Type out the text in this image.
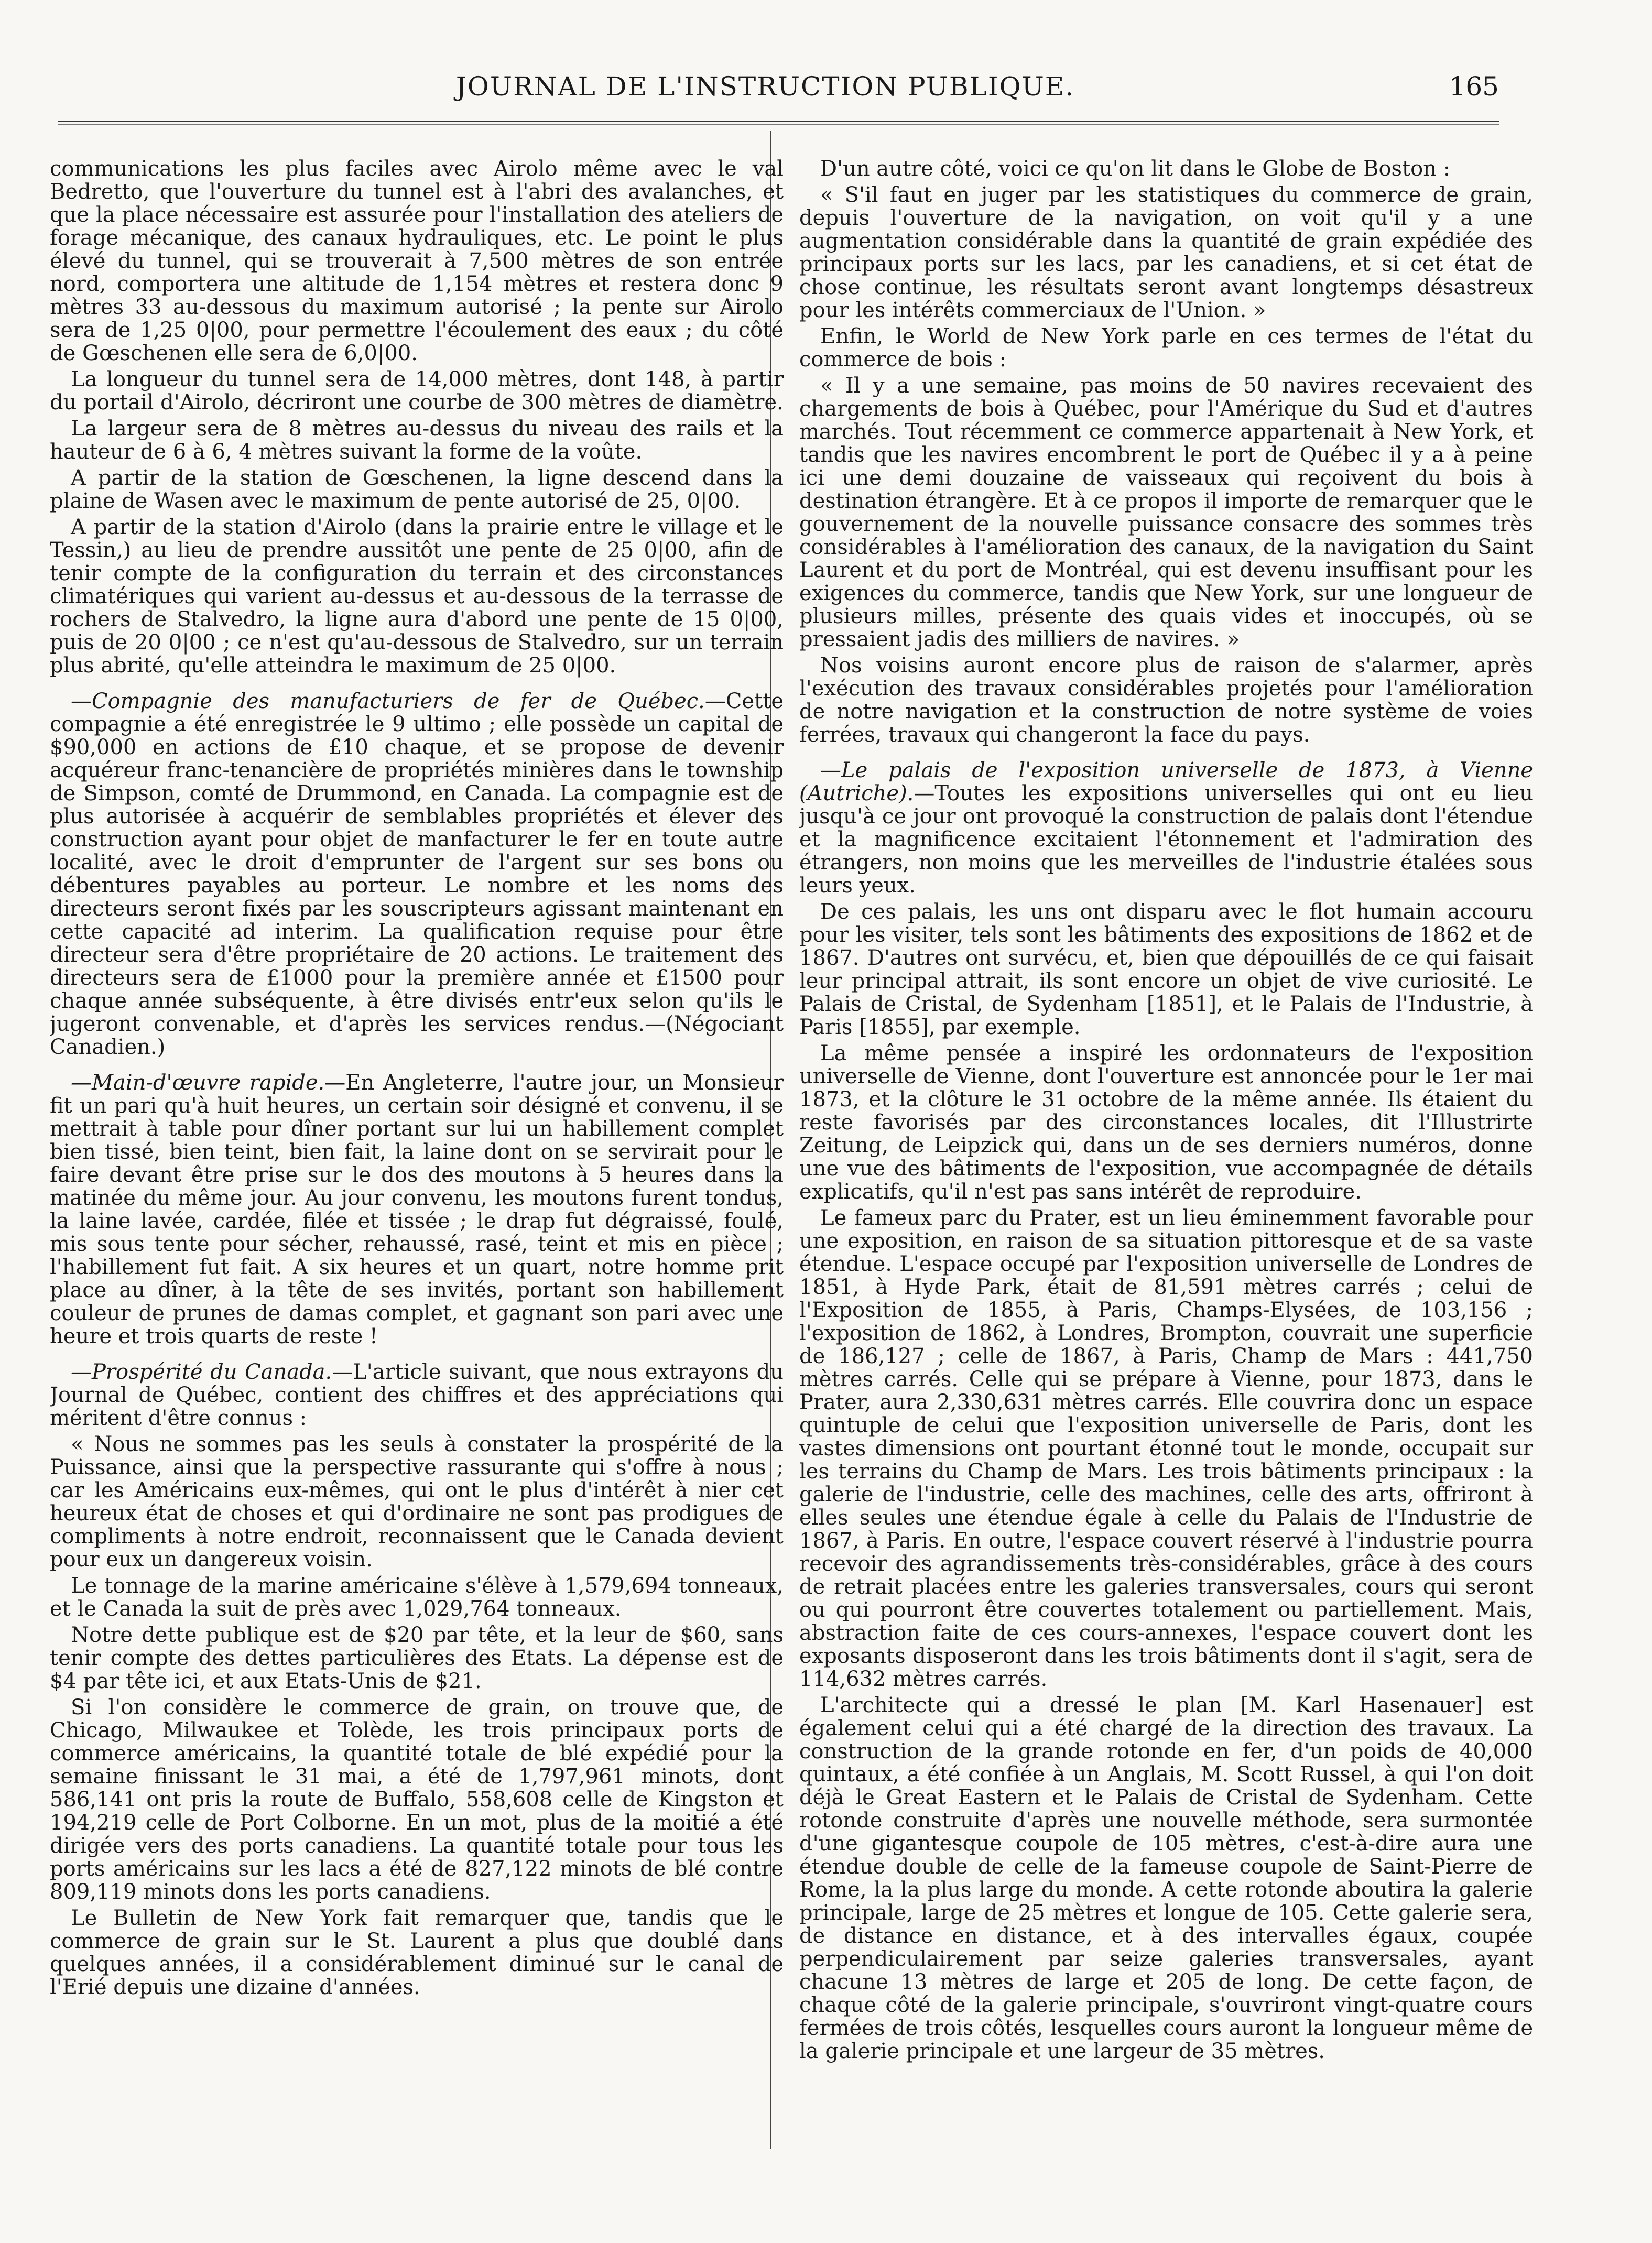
JOURNAL DE L'INSTRUCTION PUBLIQUE.	165

communications les plus faciles avec Airolo même avec le val Bedretto, que l'ouverture du tunnel est à l'abri des avalanches, et que la place nécessaire est assurée pour l'installation des ateliers de forage mécanique, des canaux hydrauliques, etc. Le point le plus élevé du tunnel, qui se trouverait à 7,500 mètres de son entrée nord, comportera une altitude de 1,154 mètres et restera donc 9 mètres 33 au-dessous du maximum autorisé ; la pente sur Airolo sera de 1,25 0|00, pour permettre l'écoulement des eaux ; du côté de Gœschenen elle sera de 6,0|00.

La longueur du tunnel sera de 14,000 mètres, dont 148, à partir du portail d'Airolo, décriront une courbe de 300 mètres de diamètre.

La largeur sera de 8 mètres au-dessus du niveau des rails et la hauteur de 6 à 6, 4 mètres suivant la forme de la voûte.

A partir de la station de Gœschenen, la ligne descend dans la plaine de Wasen avec le maximum de pente autorisé de 25, 0|00.

A partir de la station d'Airolo (dans la prairie entre le village et le Tessin,) au lieu de prendre aussitôt une pente de 25 0|00, afin de tenir compte de la configuration du terrain et des circonstances climatériques qui varient au-dessus et au-dessous de la terrasse de rochers de Stalvedro, la ligne aura d'abord une pente de 15 0|00, puis de 20 0|00 ; ce n'est qu'au-dessous de Stalvedro, sur un terrain plus abrité, qu'elle atteindra le maximum de 25 0|00.

—Compagnie des manufacturiers de fer de Québec.—Cette compagnie a été enregistrée le 9 ultimo ; elle possède un capital de $90,000 en actions de £10 chaque, et se propose de devenir acquéreur franc-tenancière de propriétés minières dans le township de Simpson, comté de Drummond, en Canada. La compagnie est de plus autorisée à acquérir de semblables propriétés et élever des construction ayant pour objet de manfacturer le fer en toute autre localité, avec le droit d'emprunter de l'argent sur ses bons ou débentures payables au porteur. Le nombre et les noms des directeurs seront fixés par les souscripteurs agissant maintenant en cette capacité ad interim. La qualification requise pour être directeur sera d'être propriétaire de 20 actions. Le traitement des directeurs sera de £1000 pour la première année et £1500 pour chaque année subséquente, à être divisés entr'eux selon qu'ils le jugeront convenable, et d'après les services rendus.—(Négociant Canadien.)

—Main-d'œuvre rapide.—En Angleterre, l'autre jour, un Monsieur fit un pari qu'à huit heures, un certain soir désigné et convenu, il se mettrait à table pour dîner portant sur lui un habillement complet bien tissé, bien teint, bien fait, la laine dont on se servirait pour le faire devant être prise sur le dos des moutons à 5 heures dans la matinée du même jour. Au jour convenu, les moutons furent tondus, la laine lavée, cardée, filée et tissée ; le drap fut dégraissé, foulé, mis sous tente pour sécher, rehaussé, rasé, teint et mis en pièce ; l'habillement fut fait. A six heures et un quart, notre homme prit place au dîner, à la tête de ses invités, portant son habillement couleur de prunes de damas complet, et gagnant son pari avec une heure et trois quarts de reste !

—Prospérité du Canada.—L'article suivant, que nous extrayons du Journal de Québec, contient des chiffres et des appréciations qui méritent d'être connus :

« Nous ne sommes pas les seuls à constater la prospérité de la Puissance, ainsi que la perspective rassurante qui s'offre à nous ; car les Américains eux-mêmes, qui ont le plus d'intérêt à nier cet heureux état de choses et qui d'ordinaire ne sont pas prodigues de compliments à notre endroit, reconnaissent que le Canada devient pour eux un dangereux voisin.

Le tonnage de la marine américaine s'élève à 1,579,694 tonneaux, et le Canada la suit de près avec 1,029,764 tonneaux.

Notre dette publique est de $20 par tête, et la leur de $60, sans tenir compte des dettes particulières des Etats. La dépense est de $4 par tête ici, et aux Etats-Unis de $21.

Si l'on considère le commerce de grain, on trouve que, de Chicago, Milwaukee et Tolède, les trois principaux ports de commerce américains, la quantité totale de blé expédié pour la semaine finissant le 31 mai, a été de 1,797,961 minots, dont 586,141 ont pris la route de Buffalo, 558,608 celle de Kingston et 194,219 celle de Port Colborne. En un mot, plus de la moitié a été dirigée vers des ports canadiens. La quantité totale pour tous les ports américains sur les lacs a été de 827,122 minots de blé contre 809,119 minots dons les ports canadiens.

Le Bulletin de New York fait remarquer que, tandis que le commerce de grain sur le St. Laurent a plus que doublé dans quelques années, il a considérablement diminué sur le canal de l'Erié depuis une dizaine d'années.

D'un autre côté, voici ce qu'on lit dans le Globe de Boston :

« S'il faut en juger par les statistiques du commerce de grain, depuis l'ouverture de la navigation, on voit qu'il y a une augmentation considérable dans la quantité de grain expédiée des principaux ports sur les lacs, par les canadiens, et si cet état de chose continue, les résultats seront avant longtemps désastreux pour les intérêts commerciaux de l'Union. »

Enfin, le World de New York parle en ces termes de l'état du commerce de bois :

« Il y a une semaine, pas moins de 50 navires recevaient des chargements de bois à Québec, pour l'Amérique du Sud et d'autres marchés. Tout récemment ce commerce appartenait à New York, et tandis que les navires encombrent le port de Québec il y a à peine ici une demi douzaine de vaisseaux qui reçoivent du bois à destination étrangère. Et à ce propos il importe de remarquer que le gouvernement de la nouvelle puissance consacre des sommes très considérables à l'amélioration des canaux, de la navigation du Saint Laurent et du port de Montréal, qui est devenu insuffisant pour les exigences du commerce, tandis que New York, sur une longueur de plusieurs milles, présente des quais vides et inoccupés, où se pressaient jadis des milliers de navires. »

Nos voisins auront encore plus de raison de s'alarmer, après l'exécution des travaux considérables projetés pour l'amélioration de notre navigation et la construction de notre système de voies ferrées, travaux qui changeront la face du pays.

—Le palais de l'exposition universelle de 1873, à Vienne (Autriche).—Toutes les expositions universelles qui ont eu lieu jusqu'à ce jour ont provoqué la construction de palais dont l'étendue et la magnificence excitaient l'étonnement et l'admiration des étrangers, non moins que les merveilles de l'industrie étalées sous leurs yeux.

De ces palais, les uns ont disparu avec le flot humain accouru pour les visiter, tels sont les bâtiments des expositions de 1862 et de 1867. D'autres ont survécu, et, bien que dépouillés de ce qui faisait leur principal attrait, ils sont encore un objet de vive curiosité. Le Palais de Cristal, de Sydenham [1851], et le Palais de l'Industrie, à Paris [1855], par exemple.

La même pensée a inspiré les ordonnateurs de l'exposition universelle de Vienne, dont l'ouverture est annoncée pour le 1er mai 1873, et la clôture le 31 octobre de la même année. Ils étaient du reste favorisés par des circonstances locales, dit l'Illustrirte Zeitung, de Leipzick qui, dans un de ses derniers numéros, donne une vue des bâtiments de l'exposition, vue accompagnée de détails explicatifs, qu'il n'est pas sans intérêt de reproduire.

Le fameux parc du Prater, est un lieu éminemment favorable pour une exposition, en raison de sa situation pittoresque et de sa vaste étendue. L'espace occupé par l'exposition universelle de Londres de 1851, à Hyde Park, était de 81,591 mètres carrés ; celui de l'Exposition de 1855, à Paris, Champs-Elysées, de 103,156 ; l'exposition de 1862, à Londres, Brompton, couvrait une superficie de 186,127 ; celle de 1867, à Paris, Champ de Mars : 441,750 mètres carrés. Celle qui se prépare à Vienne, pour 1873, dans le Prater, aura 2,330,631 mètres carrés. Elle couvrira donc un espace quintuple de celui que l'exposition universelle de Paris, dont les vastes dimensions ont pourtant étonné tout le monde, occupait sur les terrains du Champ de Mars. Les trois bâtiments principaux : la galerie de l'industrie, celle des machines, celle des arts, offriront à elles seules une étendue égale à celle du Palais de l'Industrie de 1867, à Paris. En outre, l'espace couvert réservé à l'industrie pourra recevoir des agrandissements très-considérables, grâce à des cours de retrait placées entre les galeries transversales, cours qui seront ou qui pourront être couvertes totalement ou partiellement. Mais, abstraction faite de ces cours-annexes, l'espace couvert dont les exposants disposeront dans les trois bâtiments dont il s'agit, sera de 114,632 mètres carrés.

L'architecte qui a dressé le plan [M. Karl Hasenauer] est également celui qui a été chargé de la direction des travaux. La construction de la grande rotonde en fer, d'un poids de 40,000 quintaux, a été confiée à un Anglais, M. Scott Russel, à qui l'on doit déjà le Great Eastern et le Palais de Cristal de Sydenham. Cette rotonde construite d'après une nouvelle méthode, sera surmontée d'une gigantesque coupole de 105 mètres, c'est-à-dire aura une étendue double de celle de la fameuse coupole de Saint-Pierre de Rome, la la plus large du monde. A cette rotonde aboutira la galerie principale, large de 25 mètres et longue de 105. Cette galerie sera, de distance en distance, et à des intervalles égaux, coupée perpendiculairement par seize galeries transversales, ayant chacune 13 mètres de large et 205 de long. De cette façon, de chaque côté de la galerie principale, s'ouvriront vingt-quatre cours fermées de trois côtés, lesquelles cours auront la longueur même de la galerie principale et une largeur de 35 mètres.
